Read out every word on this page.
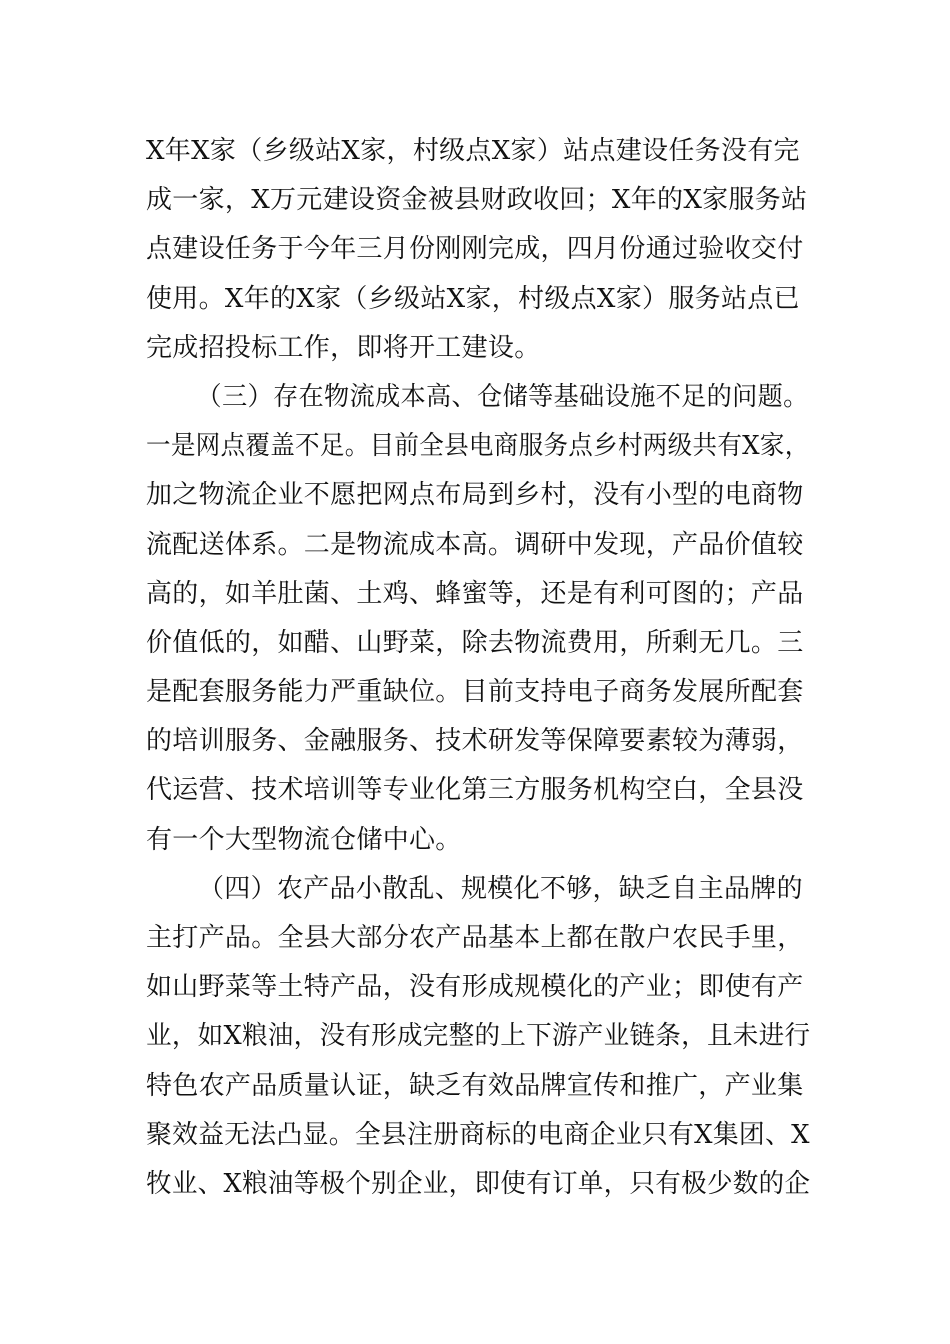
X年X家（乡级站X家，村级点X家）站点建设任务没有完
成一家，X万元建设资金被县财政收回；X年的X家服务站
点建设任务于今年三月份刚刚完成，四月份通过验收交付
使用。X年的X家（乡级站X家，村级点X家）服务站点已
完成招投标工作，即将开工建设。
（三）存在物流成本高、仓储等基础设施不足的问题。
一是网点覆盖不足。目前全县电商服务点乡村两级共有X家，
加之物流企业不愿把网点布局到乡村，没有小型的电商物
流配送体系。二是物流成本高。调研中发现，产品价值较
高的，如羊肚菌、土鸡、蜂蜜等，还是有利可图的；产品
价值低的，如醋、山野菜，除去物流费用，所剩无几。三
是配套服务能力严重缺位。目前支持电子商务发展所配套
的培训服务、金融服务、技术研发等保障要素较为薄弱，
代运营、技术培训等专业化第三方服务机构空白，全县没
有一个大型物流仓储中心。
（四）农产品小散乱、规模化不够，缺乏自主品牌的
主打产品。全县大部分农产品基本上都在散户农民手里，
如山野菜等土特产品，没有形成规模化的产业；即使有产
业，如X粮油，没有形成完整的上下游产业链条，且未进行
特色农产品质量认证，缺乏有效品牌宣传和推广，产业集
聚效益无法凸显。全县注册商标的电商企业只有X集团、X
牧业、X粮油等极个别企业，即使有订单，只有极少数的企
